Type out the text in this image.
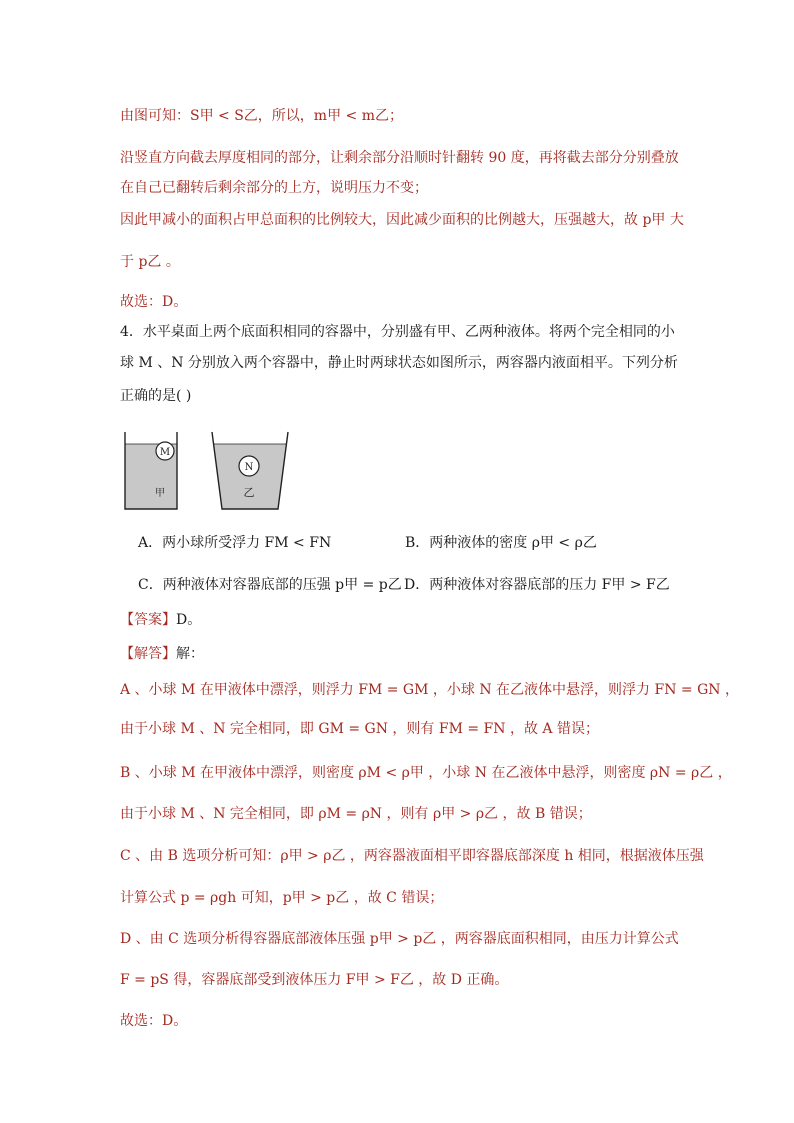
由图可知：S甲 < S乙，所以，m甲 < m乙；
沿竖直方向截去厚度相同的部分，让剩余部分沿顺时针翻转 90 度，再将截去部分分别叠放
在自己已翻转后剩余部分的上方，说明压力不变；
因此甲减小的面积占甲总面积的比例较大，因此减少面积的比例越大，压强越大，故 p甲 大
于 p乙 。
故选：D。
4．水平桌面上两个底面积相同的容器中，分别盛有甲、乙两种液体。将两个完全相同的小
球 M 、N 分别放入两个容器中，静止时两球状态如图所示，两容器内液面相平。下列分析
正确的是( )
M
甲
N
乙
A．两小球所受浮力 FM < FN	B．两种液体的密度 ρ甲 < ρ乙
C．两种液体对容器底部的压强 p甲 = p乙 D．两种液体对容器底部的压力 F甲 > F乙
【答案】D。
【解答】解：
A 、小球 M 在甲液体中漂浮，则浮力 FM = GM ，小球 N 在乙液体中悬浮，则浮力 FN = GN ，
由于小球 M 、N 完全相同，即 GM = GN ，则有 FM = FN ，故 A 错误；
B 、小球 M 在甲液体中漂浮，则密度 ρM < ρ甲 ，小球 N 在乙液体中悬浮，则密度 ρN = ρ乙 ，
由于小球 M 、N 完全相同，即 ρM = ρN ，则有 ρ甲 > ρ乙 ，故 B 错误；
C 、由 B 选项分析可知：ρ甲 > ρ乙 ，两容器液面相平即容器底部深度 h 相同，根据液体压强
计算公式 p = ρgh 可知，p甲 > p乙 ，故 C 错误；
D 、由 C 选项分析得容器底部液体压强 p甲 > p乙 ，两容器底面积相同，由压力计算公式
F = pS 得，容器底部受到液体压力 F甲 > F乙 ，故 D 正确。
故选：D。
